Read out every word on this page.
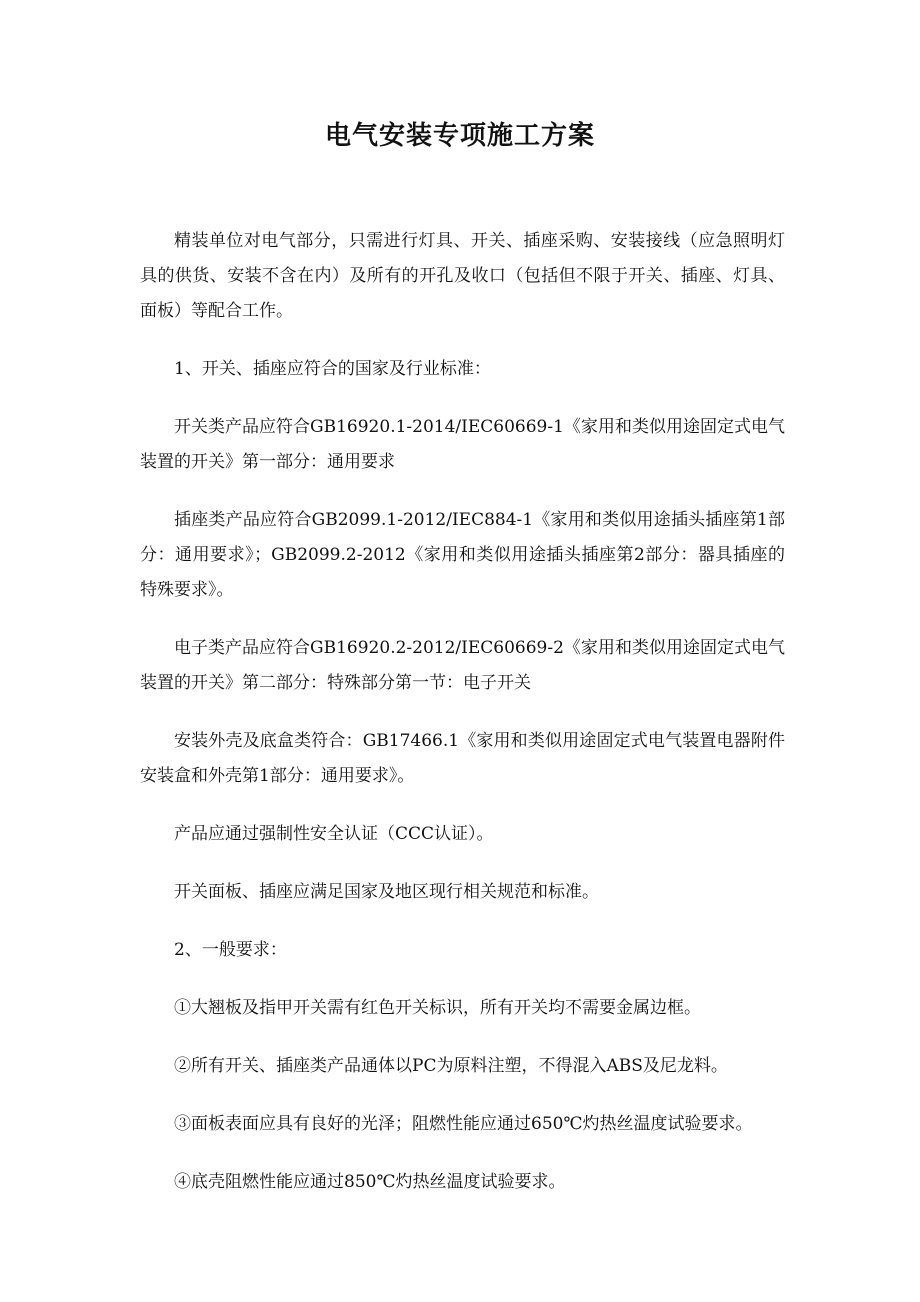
电气安装专项施工方案

精装单位对电气部分，只需进行灯具、开关、插座采购、安装接线（应急照明灯具的供货、安装不含在内）及所有的开孔及收口（包括但不限于开关、插座、灯具、面板）等配合工作。

1、开关、插座应符合的国家及行业标准：

开关类产品应符合GB16920.1-2014/IEC60669-1《家用和类似用途固定式电气装置的开关》第一部分：通用要求

插座类产品应符合GB2099.1-2012/IEC884-1《家用和类似用途插头插座第1部分：通用要求》；GB2099.2-2012《家用和类似用途插头插座第2部分：器具插座的特殊要求》。

电子类产品应符合GB16920.2-2012/IEC60669-2《家用和类似用途固定式电气装置的开关》第二部分：特殊部分第一节：电子开关

安装外壳及底盒类符合：GB17466.1《家用和类似用途固定式电气装置电器附件安装盒和外壳第1部分：通用要求》。

产品应通过强制性安全认证（CCC认证）。

开关面板、插座应满足国家及地区现行相关规范和标准。

2、一般要求：

①大翘板及指甲开关需有红色开关标识，所有开关均不需要金属边框。

②所有开关、插座类产品通体以PC为原料注塑，不得混入ABS及尼龙料。

③面板表面应具有良好的光泽；阻燃性能应通过650℃灼热丝温度试验要求。

④底壳阻燃性能应通过850℃灼热丝温度试验要求。
